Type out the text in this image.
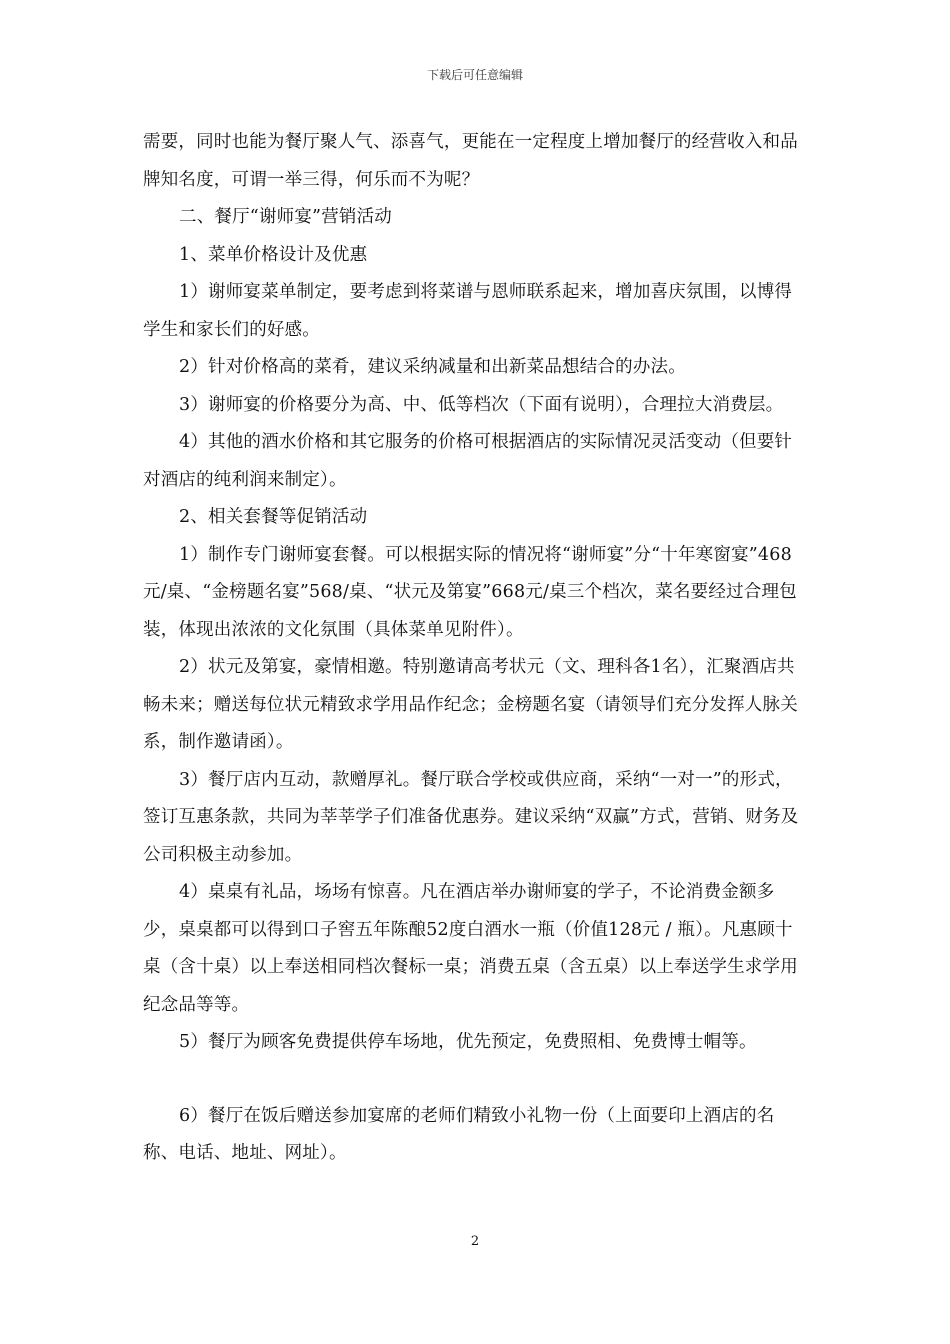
下载后可任意编辑

需要，同时也能为餐厅聚人气、添喜气，更能在一定程度上增加餐厅的经营收入和品牌知名度，可谓一举三得，何乐而不为呢？

二、餐厅“谢师宴”营销活动

1、菜单价格设计及优惠

1）谢师宴菜单制定，要考虑到将菜谱与恩师联系起来，增加喜庆氛围，以博得学生和家长们的好感。

2）针对价格高的菜肴，建议采纳减量和出新菜品想结合的办法。

3）谢师宴的价格要分为高、中、低等档次（下面有说明），合理拉大消费层。

4）其他的酒水价格和其它服务的价格可根据酒店的实际情况灵活变动（但要针对酒店的纯利润来制定）。

2、相关套餐等促销活动

1）制作专门谢师宴套餐。可以根据实际的情况将“谢师宴”分“十年寒窗宴”468元/桌、“金榜题名宴”568/桌、“状元及第宴”668元/桌三个档次，菜名要经过合理包装，体现出浓浓的文化氛围（具体菜单见附件）。

2）状元及第宴，豪情相邀。特别邀请高考状元（文、理科各1名），汇聚酒店共畅未来；赠送每位状元精致求学用品作纪念；金榜题名宴（请领导们充分发挥人脉关系，制作邀请函）。

3）餐厅店内互动，款赠厚礼。餐厅联合学校或供应商，采纳“一对一”的形式，签订互惠条款，共同为莘莘学子们准备优惠券。建议采纳“双赢”方式，营销、财务及公司积极主动参加。

4）桌桌有礼品，场场有惊喜。凡在酒店举办谢师宴的学子，不论消费金额多少，桌桌都可以得到口子窖五年陈酿52度白酒水一瓶（价值128元 / 瓶）。凡惠顾十桌（含十桌）以上奉送相同档次餐标一桌；消费五桌（含五桌）以上奉送学生求学用纪念品等等。

5）餐厅为顾客免费提供停车场地，优先预定，免费照相、免费博士帽等。

6）餐厅在饭后赠送参加宴席的老师们精致小礼物一份（上面要印上酒店的名称、电话、地址、网址）。

2
